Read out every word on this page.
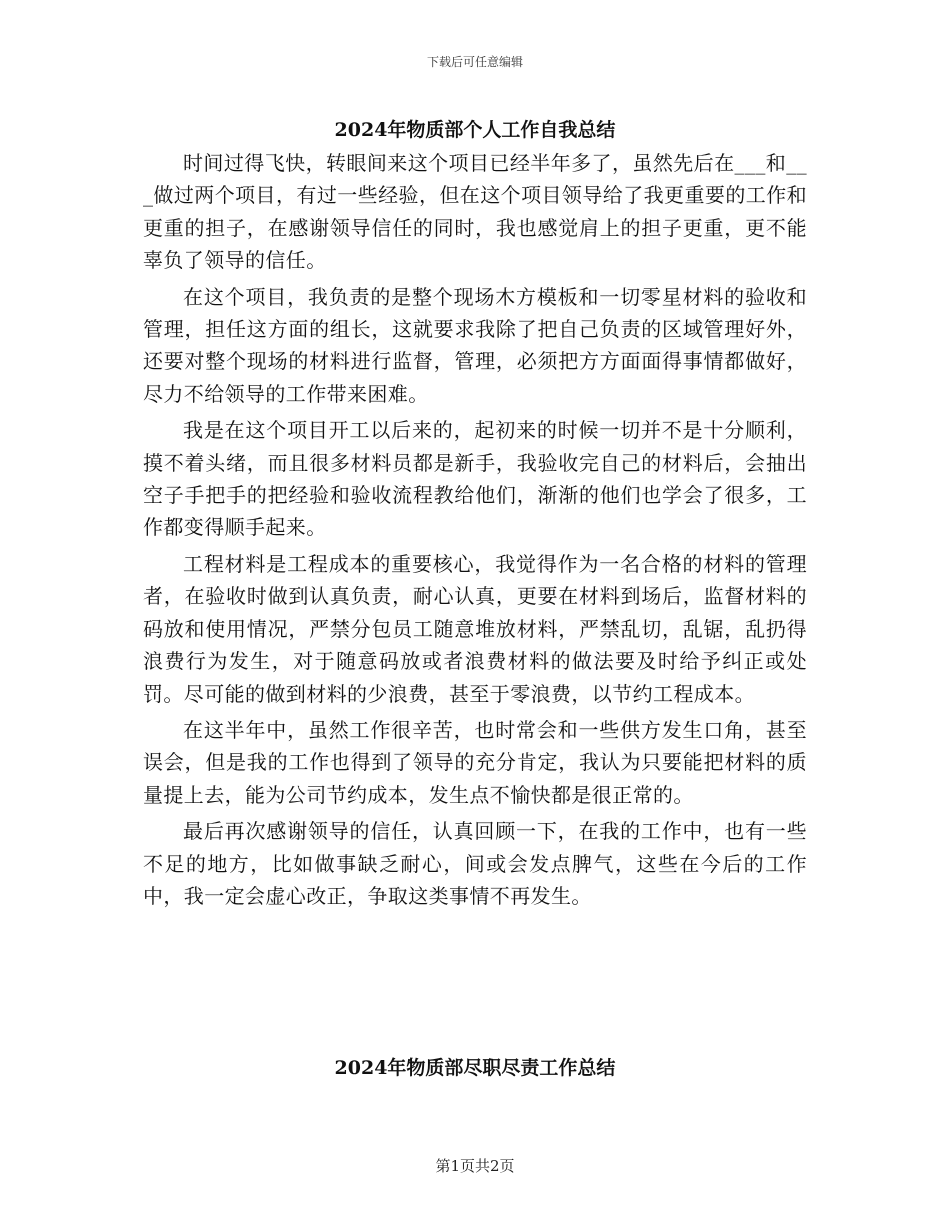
下载后可任意编辑
2024年物质部个人工作自我总结

时间过得飞快，转眼间来这个项目已经半年多了，虽然先后在___和___做过两个项目，有过一些经验，但在这个项目领导给了我更重要的工作和更重的担子，在感谢领导信任的同时，我也感觉肩上的担子更重，更不能辜负了领导的信任。

在这个项目，我负责的是整个现场木方模板和一切零星材料的验收和管理，担任这方面的组长，这就要求我除了把自己负责的区域管理好外，还要对整个现场的材料进行监督，管理，必须把方方面面得事情都做好，尽力不给领导的工作带来困难。

我是在这个项目开工以后来的，起初来的时候一切并不是十分顺利，摸不着头绪，而且很多材料员都是新手，我验收完自己的材料后，会抽出空子手把手的把经验和验收流程教给他们，渐渐的他们也学会了很多，工作都变得顺手起来。

工程材料是工程成本的重要核心，我觉得作为一名合格的材料的管理者，在验收时做到认真负责，耐心认真，更要在材料到场后，监督材料的码放和使用情况，严禁分包员工随意堆放材料，严禁乱切，乱锯，乱扔得浪费行为发生，对于随意码放或者浪费材料的做法要及时给予纠正或处罚。尽可能的做到材料的少浪费，甚至于零浪费，以节约工程成本。

在这半年中，虽然工作很辛苦，也时常会和一些供方发生口角，甚至误会，但是我的工作也得到了领导的充分肯定，我认为只要能把材料的质量提上去，能为公司节约成本，发生点不愉快都是很正常的。

最后再次感谢领导的信任，认真回顾一下，在我的工作中，也有一些不足的地方，比如做事缺乏耐心，间或会发点脾气，这些在今后的工作中，我一定会虚心改正，争取这类事情不再发生。

2024年物质部尽职尽责工作总结
第1页共2页
